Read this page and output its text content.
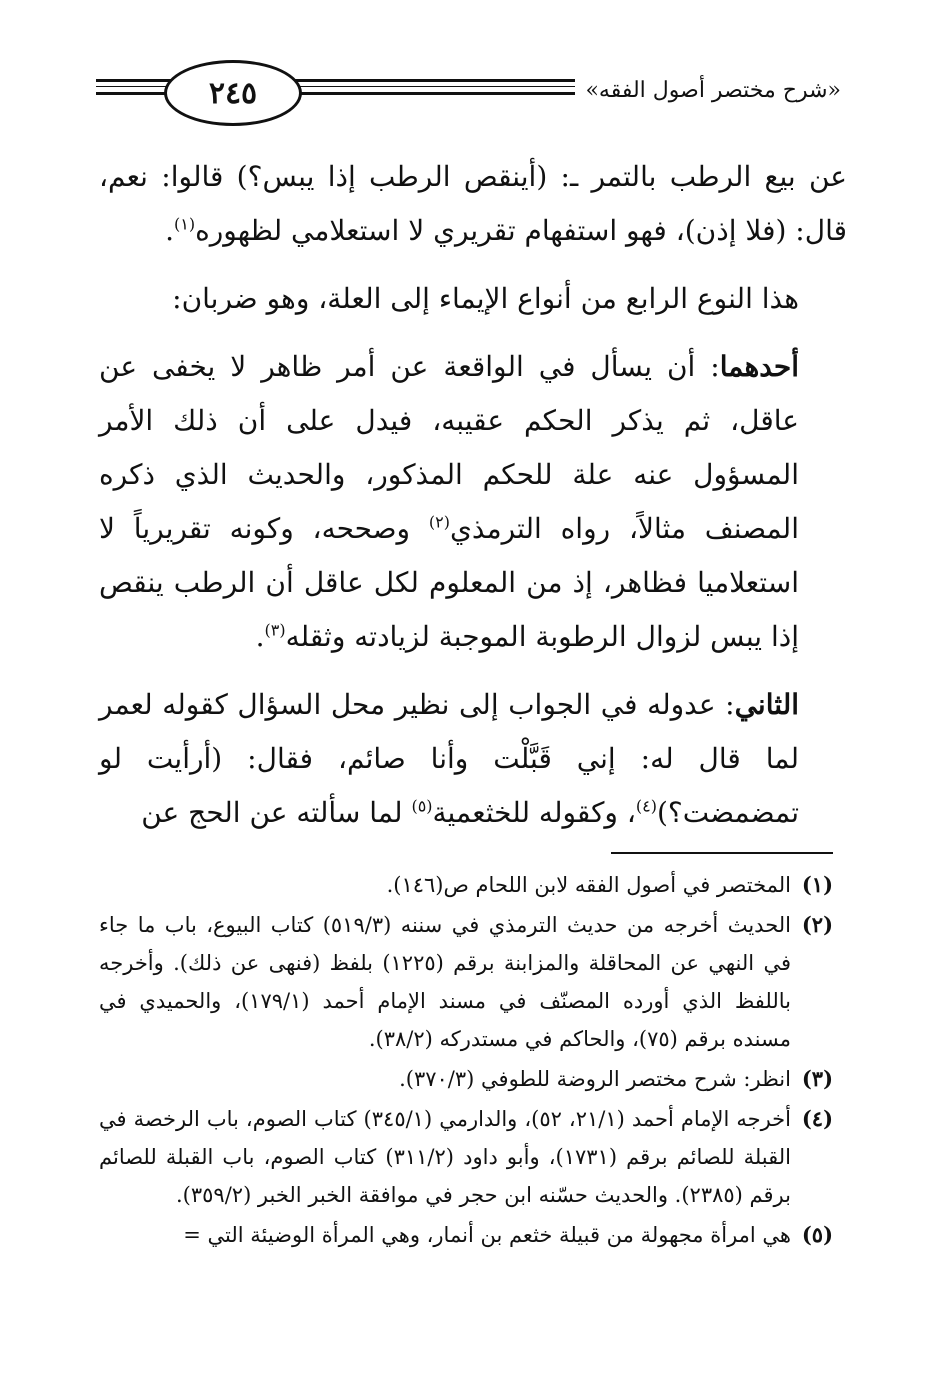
٢٤٥	«شرح مختصر أصول الفقه»

عن بيع الرطب بالتمر ـ: (أينقص الرطب إذا يبس؟) قالوا: نعم، قال: (فلا إذن)، فهو استفهام تقريري لا استعلامي لظهوره$^{(١)}$.

هذا النوع الرابع من أنواع الإيماء إلى العلة، وهو ضربان:

أحدهما: أن يسأل في الواقعة عن أمر ظاهر لا يخفى عن عاقل، ثم يذكر الحكم عقيبه، فيدل على أن ذلك الأمر المسؤول عنه علة للحكم المذكور، والحديث الذي ذكره المصنف مثالاً، رواه الترمذي$^{(٢)}$ وصححه، وكونه تقريرياً لا استعلاميا فظاهر، إذ من المعلوم لكل عاقل أن الرطب ينقص إذا يبس لزوال الرطوبة الموجبة لزيادته وثقله$^{(٣)}$.

الثاني: عدوله في الجواب إلى نظير محل السؤال كقوله لعمر لما قال له: إني قَبَّلْت وأنا صائم، فقال: (أرأيت لو تمضمضت؟)$^{(٤)}$، وكقوله للخثعمية$^{(٥)}$ لما سألته عن الحج عن

(١)
المختصر في أصول الفقه لابن اللحام ص(١٤٦).
(٢)
الحديث أخرجه من حديث الترمذي في سننه (٥١٩/٣) كتاب البيوع، باب ما جاء في النهي عن المحاقلة والمزابنة برقم (١٢٢٥) بلفظ (فنهى عن ذلك). وأخرجه باللفظ الذي أورده المصنّف في مسند الإمام أحمد (١٧٩/١)، والحميدي في مسنده برقم (٧٥)، والحاكم في مستدركه (٣٨/٢).
(٣)
انظر: شرح مختصر الروضة للطوفي (٣٧٠/٣).
(٤)
أخرجه الإمام أحمد (٢١/١، ٥٢)، والدارمي (٣٤٥/١) كتاب الصوم، باب الرخصة في القبلة للصائم برقم (١٧٣١)، وأبو داود (٣١١/٢) كتاب الصوم، باب القبلة للصائم برقم (٢٣٨٥). والحديث حسّنه ابن حجر في موافقة الخبر الخبر (٣٥٩/٢).
(٥)
هي امرأة مجهولة من قبيلة خثعم بن أنمار، وهي المرأة الوضيئة التي =
